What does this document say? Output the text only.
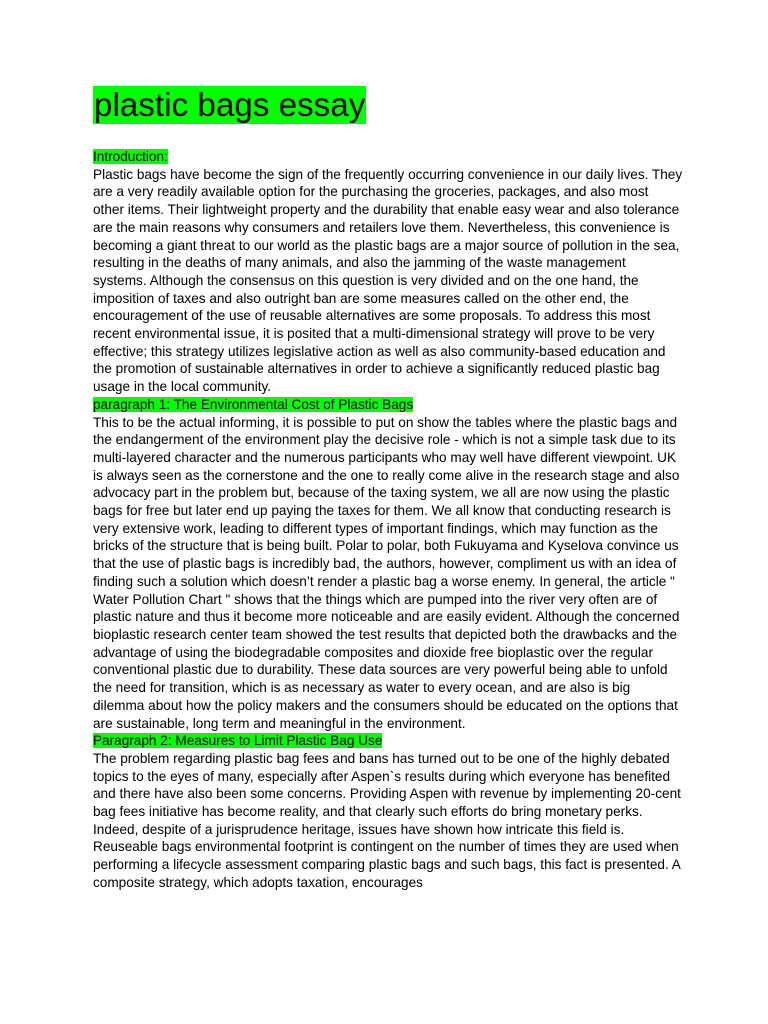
plastic bags essay
Introduction:

Plastic bags have become the sign of the frequently occurring convenience in our daily lives. They are a very readily available option for the purchasing the groceries, packages, and also most other items. Their lightweight property and the durability that enable easy wear and also tolerance are the main reasons why consumers and retailers love them. Nevertheless, this convenience is becoming a giant threat to our world as the plastic bags are a major source of pollution in the sea, resulting in the deaths of many animals, and also the jamming of the waste management systems. Although the consensus on this question is very divided and on the one hand, the imposition of taxes and also outright ban are some measures called on the other end, the encouragement of the use of reusable alternatives are some proposals. To address this most recent environmental issue, it is posited that a multi-dimensional strategy will prove to be very effective; this strategy utilizes legislative action as well as also community-based education and the promotion of sustainable alternatives in order to achieve a significantly reduced plastic bag usage in the local community.

paragraph 1: The Environmental Cost of Plastic Bags

This to be the actual informing, it is possible to put on show the tables where the plastic bags and the endangerment of the environment play the decisive role - which is not a simple task due to its multi-layered character and the numerous participants who may well have different viewpoint. UK is always seen as the cornerstone and the one to really come alive in the research stage and also advocacy part in the problem but, because of the taxing system, we all are now using the plastic bags for free but later end up paying the taxes for them. We all know that conducting research is very extensive work, leading to different types of important findings, which may function as the bricks of the structure that is being built. Polar to polar, both Fukuyama and Kyselova convince us that the use of plastic bags is incredibly bad, the authors, however, compliment us with an idea of finding such a solution which doesn’t render a plastic bag a worse enemy. In general, the article " Water Pollution Chart " shows that the things which are pumped into the river very often are of plastic nature and thus it become more noticeable and are easily evident. Although the concerned bioplastic research center team showed the test results that depicted both the drawbacks and the advantage of using the biodegradable composites and dioxide free bioplastic over the regular conventional plastic due to durability. These data sources are very powerful being able to unfold the need for transition, which is as necessary as water to every ocean, and are also is big dilemma about how the policy makers and the consumers should be educated on the options that are sustainable, long term and meaningful in the environment.

Paragraph 2: Measures to Limit Plastic Bag Use

The problem regarding plastic bag fees and bans has turned out to be one of the highly debated topics to the eyes of many, especially after Aspen`s results during which everyone has benefited and there have also been some concerns. Providing Aspen with revenue by implementing 20-cent bag fees initiative has become reality, and that clearly such efforts do bring monetary perks. Indeed, despite of a jurisprudence heritage, issues have shown how intricate this field is. Reuseable bags environmental footprint is contingent on the number of times they are used when performing a lifecycle assessment comparing plastic bags and such bags, this fact is presented. A composite strategy, which adopts taxation, encourages
